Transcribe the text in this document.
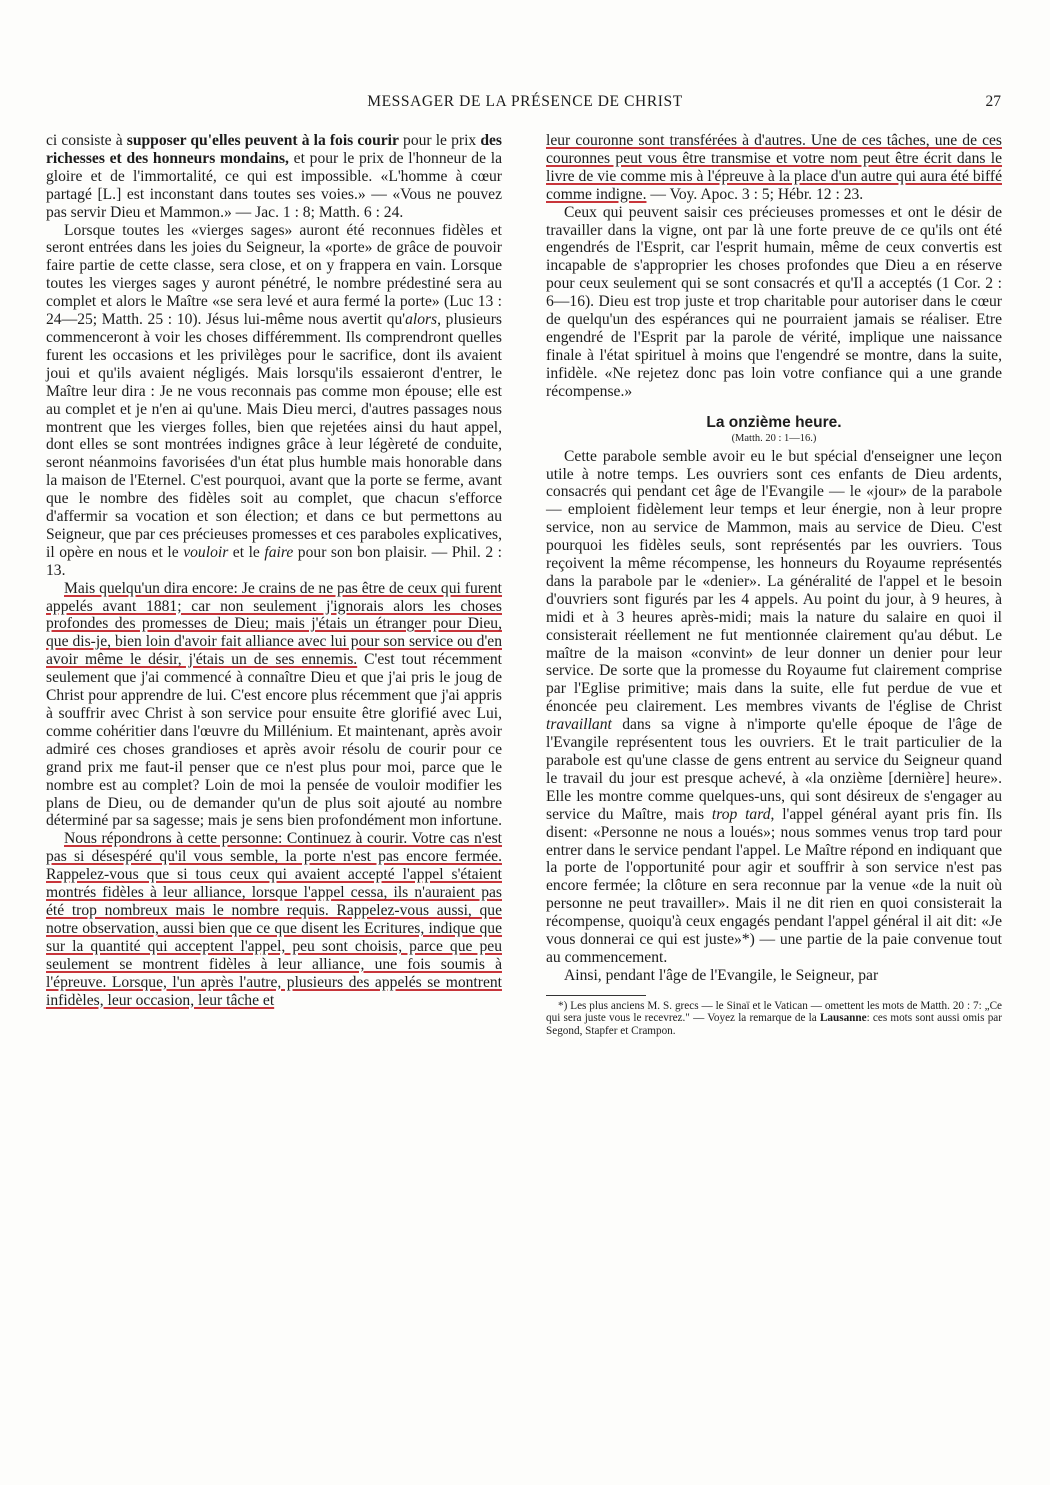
MESSAGER DE LA PRÉSENCE DE CHRIST	27

ci consiste à supposer qu'elles peuvent à la fois courir pour le prix des richesses et des honneurs mondains, et pour le prix de l'honneur de la gloire et de l'immortalité, ce qui est impossible. «L'homme à cœur partagé [L.] est inconstant dans toutes ses voies.» — «Vous ne pouvez pas servir Dieu et Mammon.» — Jac. 1 : 8; Matth. 6 : 24.

Lorsque toutes les «vierges sages» auront été reconnues fidèles et seront entrées dans les joies du Seigneur, la «porte» de grâce de pouvoir faire partie de cette classe, sera close, et on y frappera en vain. Lorsque toutes les vierges sages y auront pénétré, le nombre prédestiné sera au complet et alors le Maître «se sera levé et aura fermé la porte» (Luc 13 : 24—25; Matth. 25 : 10). Jésus lui-même nous avertit qu'alors, plusieurs commenceront à voir les choses différemment. Ils comprendront quelles furent les occasions et les privilèges pour le sacrifice, dont ils avaient joui et qu'ils avaient négligés. Mais lorsqu'ils essaieront d'entrer, le Maître leur dira : Je ne vous reconnais pas comme mon épouse; elle est au complet et je n'en ai qu'une. Mais Dieu merci, d'autres passages nous montrent que les vierges folles, bien que rejetées ainsi du haut appel, dont elles se sont montrées indignes grâce à leur légèreté de conduite, seront néanmoins favorisées d'un état plus humble mais honorable dans la maison de l'Eternel. C'est pourquoi, avant que la porte se ferme, avant que le nombre des fidèles soit au complet, que chacun s'efforce d'affermir sa vocation et son élection; et dans ce but permettons au Seigneur, que par ces précieuses promesses et ces paraboles explicatives, il opère en nous et le vouloir et le faire pour son bon plaisir. — Phil. 2 : 13.

Mais quelqu'un dira encore: Je crains de ne pas être de ceux qui furent appelés avant 1881; car non seulement j'ignorais alors les choses profondes des promesses de Dieu; mais j'étais un étranger pour Dieu, que dis-je, bien loin d'avoir fait alliance avec lui pour son service ou d'en avoir même le désir, j'étais un de ses ennemis. C'est tout récemment seulement que j'ai commencé à connaître Dieu et que j'ai pris le joug de Christ pour apprendre de lui. C'est encore plus récemment que j'ai appris à souffrir avec Christ à son service pour ensuite être glorifié avec Lui, comme cohéritier dans l'œuvre du Millénium. Et maintenant, après avoir admiré ces choses grandioses et après avoir résolu de courir pour ce grand prix me faut-il penser que ce n'est plus pour moi, parce que le nombre est au complet? Loin de moi la pensée de vouloir modifier les plans de Dieu, ou de demander qu'un de plus soit ajouté au nombre déterminé par sa sagesse; mais je sens bien profondément mon infortune.

Nous répondrons à cette personne: Continuez à courir. Votre cas n'est pas si désespéré qu'il vous semble, la porte n'est pas encore fermée. Rappelez-vous que si tous ceux qui avaient accepté l'appel s'étaient montrés fidèles à leur alliance, lorsque l'appel cessa, ils n'auraient pas été trop nombreux mais le nombre requis. Rappelez-vous aussi, que notre observation, aussi bien que ce que disent les Ecritures, indique que sur la quantité qui acceptent l'appel, peu sont choisis, parce que peu seulement se montrent fidèles à leur alliance, une fois soumis à l'épreuve. Lorsque, l'un après l'autre, plusieurs des appelés se montrent infidèles, leur occasion, leur tâche et

leur couronne sont transférées à d'autres. Une de ces tâches, une de ces couronnes peut vous être transmise et votre nom peut être écrit dans le livre de vie comme mis à l'épreuve à la place d'un autre qui aura été biffé comme indigne. — Voy. Apoc. 3 : 5; Hébr. 12 : 23.

Ceux qui peuvent saisir ces précieuses promesses et ont le désir de travailler dans la vigne, ont par là une forte preuve de ce qu'ils ont été engendrés de l'Esprit, car l'esprit humain, même de ceux convertis est incapable de s'approprier les choses profondes que Dieu a en réserve pour ceux seulement qui se sont consacrés et qu'Il a acceptés (1 Cor. 2 : 6—16). Dieu est trop juste et trop charitable pour autoriser dans le cœur de quelqu'un des espérances qui ne pourraient jamais se réaliser. Etre engendré de l'Esprit par la parole de vérité, implique une naissance finale à l'état spirituel à moins que l'engendré se montre, dans la suite, infidèle. «Ne rejetez donc pas loin votre confiance qui a une grande récompense.»

La onzième heure.
(Matth. 20 : 1—16.)

Cette parabole semble avoir eu le but spécial d'enseigner une leçon utile à notre temps. Les ouvriers sont ces enfants de Dieu ardents, consacrés qui pendant cet âge de l'Evangile — le «jour» de la parabole — emploient fidèlement leur temps et leur énergie, non à leur propre service, non au service de Mammon, mais au service de Dieu. C'est pourquoi les fidèles seuls, sont représentés par les ouvriers. Tous reçoivent la même récompense, les honneurs du Royaume représentés dans la parabole par le «denier». La généralité de l'appel et le besoin d'ouvriers sont figurés par les 4 appels. Au point du jour, à 9 heures, à midi et à 3 heures après-midi; mais la nature du salaire en quoi il consisterait réellement ne fut mentionnée clairement qu'au début. Le maître de la maison «convint» de leur donner un denier pour leur service. De sorte que la promesse du Royaume fut clairement comprise par l'Eglise primitive; mais dans la suite, elle fut perdue de vue et énoncée peu clairement. Les membres vivants de l'église de Christ travaillant dans sa vigne à n'importe qu'elle époque de l'âge de l'Evangile représentent tous les ouvriers. Et le trait particulier de la parabole est qu'une classe de gens entrent au service du Seigneur quand le travail du jour est presque achevé, à «la onzième [dernière] heure». Elle les montre comme quelques-uns, qui sont désireux de s'engager au service du Maître, mais trop tard, l'appel général ayant pris fin. Ils disent: «Personne ne nous a loués»; nous sommes venus trop tard pour entrer dans le service pendant l'appel. Le Maître répond en indiquant que la porte de l'opportunité pour agir et souffrir à son service n'est pas encore fermée; la clôture en sera reconnue par la venue «de la nuit où personne ne peut travailler». Mais il ne dit rien en quoi consisterait la récompense, quoiqu'à ceux engagés pendant l'appel général il ait dit: «Je vous donnerai ce qui est juste»*) — une partie de la paie convenue tout au commencement.

Ainsi, pendant l'âge de l'Evangile, le Seigneur, par

*) Les plus anciens M. S. grecs — le Sinaï et le Vatican — omettent les mots de Matth. 20 : 7: „Ce qui sera juste vous le recevrez." — Voyez la remarque de la Lausanne: ces mots sont aussi omis par Segond, Stapfer et Crampon.
